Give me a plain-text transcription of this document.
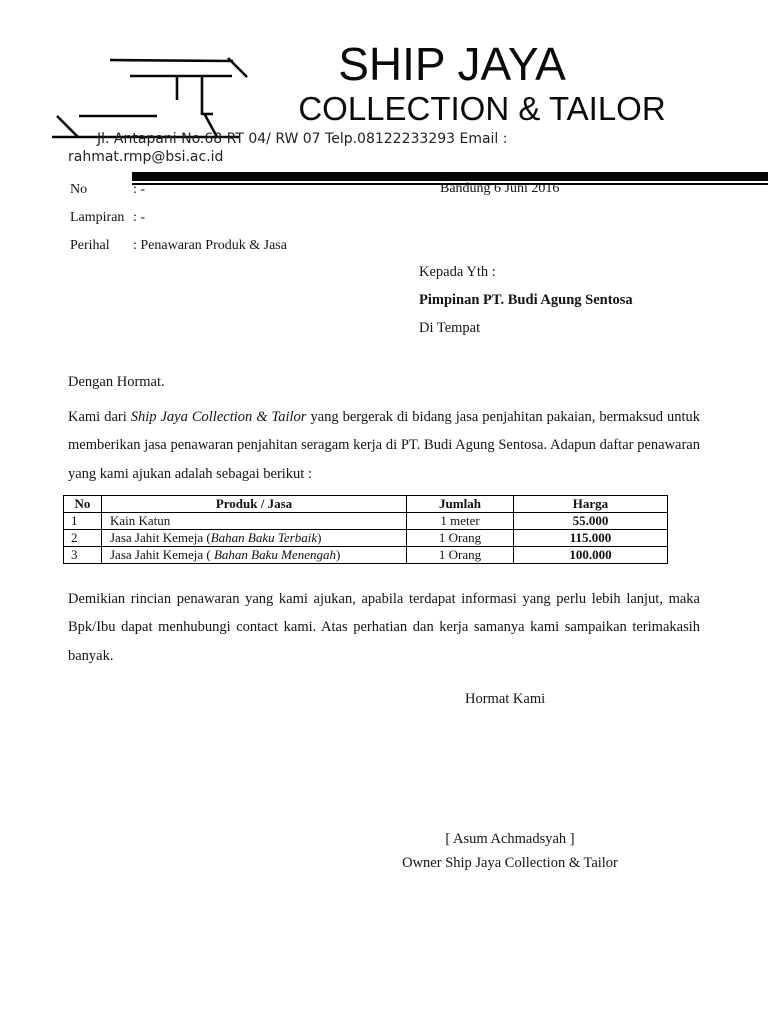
SHIP JAYA
COLLECTION & TAILOR
Jl. Antapani No.68 RT 04/ RW 07 Telp.08122233293 Email :
rahmat.rmp@bsi.ac.id
Bandung 6 Juni 2016
No	: -
Lampiran : -
Perihal : Penawaran Produk & Jasa
Kepada Yth :
Pimpinan PT. Budi Agung Sentosa
Di Tempat
Dengan Hormat.
Kami dari Ship Jaya Collection & Tailor yang bergerak di bidang jasa penjahitan pakaian, bermaksud untuk memberikan jasa penawaran penjahitan seragam kerja di PT. Budi Agung Sentosa. Adapun daftar penawaran yang kami ajukan adalah sebagai berikut :
No	Produk / Jasa	Jumlah	Harga
1	Kain Katun	1 meter	55.000
2	Jasa Jahit Kemeja (Bahan Baku Terbaik)	1 Orang	115.000
3	Jasa Jahit Kemeja ( Bahan Baku Menengah)	1 Orang	100.000
Demikian rincian penawaran yang kami ajukan, apabila terdapat informasi yang perlu lebih lanjut, maka Bpk/Ibu dapat menhubungi contact kami. Atas perhatian dan kerja samanya kami sampaikan terimakasih banyak.
Hormat Kami
[ Asum Achmadsyah ]
Owner Ship Jaya Collection & Tailor
